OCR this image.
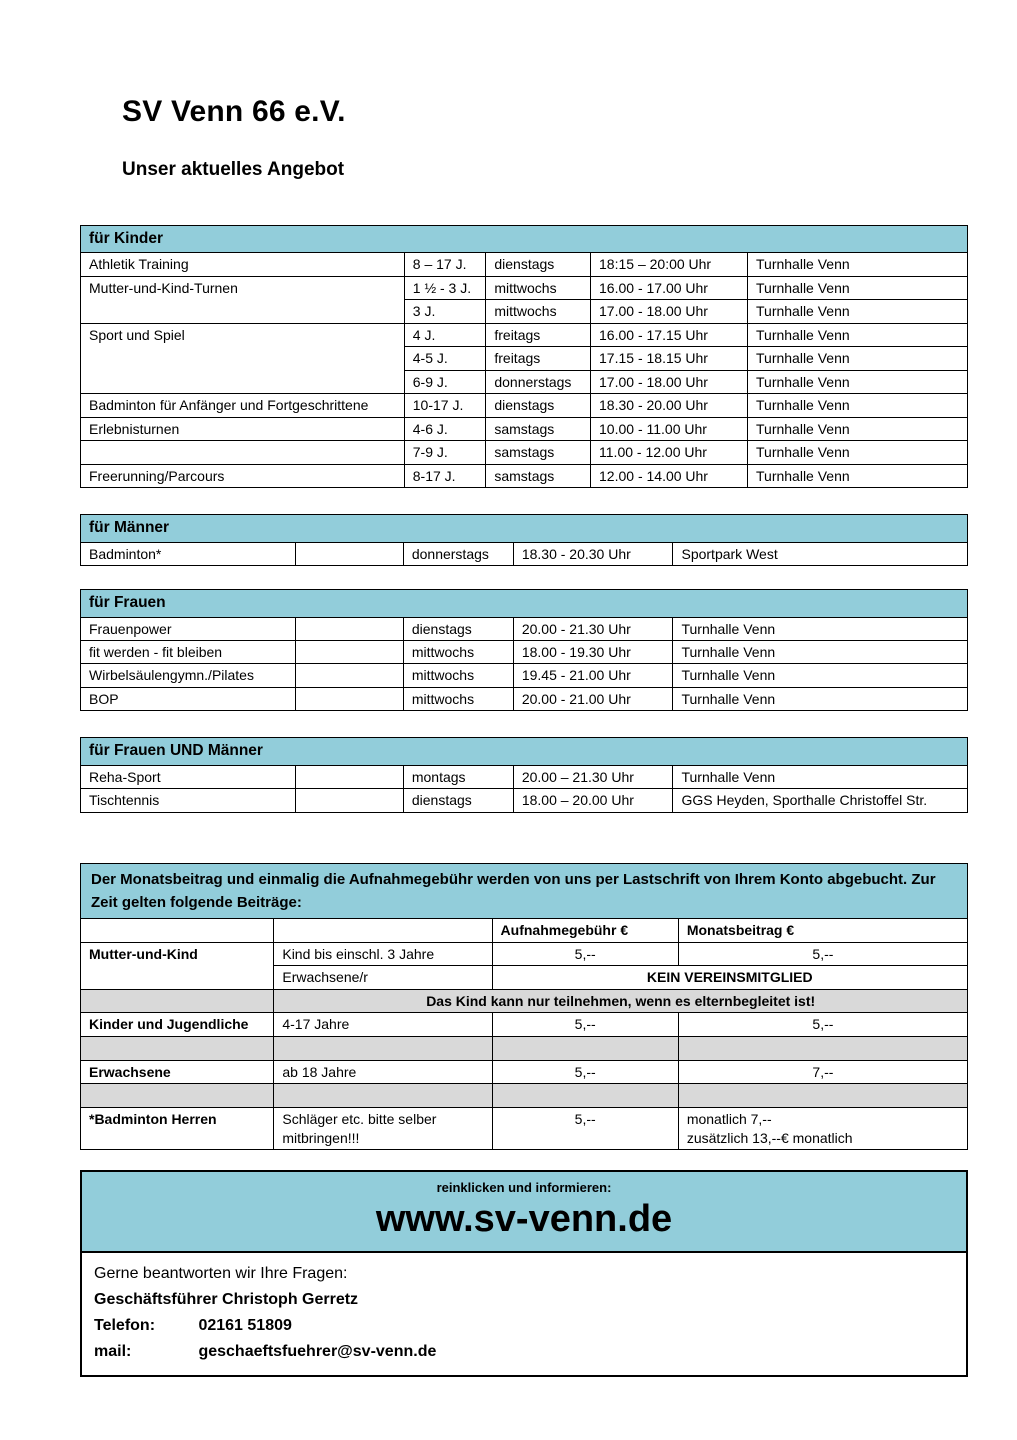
SV Venn 66 e.V.
Unser aktuelles Angebot
für Kinder				
Athletik Training	8 – 17 J.	dienstags	18:15 – 20:00 Uhr	Turnhalle Venn
Mutter-und-Kind-Turnen	1 ½ - 3 J.	mittwochs	16.00 - 17.00 Uhr	Turnhalle Venn
	3 J.	mittwochs	17.00 - 18.00 Uhr	Turnhalle Venn
Sport und Spiel	4 J.	freitags	16.00 - 17.15 Uhr	Turnhalle Venn
	4-5 J.	freitags	17.15 - 18.15 Uhr	Turnhalle Venn
	6-9 J.	donnerstags	17.00 - 18.00 Uhr	Turnhalle Venn
Badminton für Anfänger und Fortgeschrittene	10-17 J.	dienstags	18.30 - 20.00 Uhr	Turnhalle Venn
Erlebnisturnen	4-6 J.	samstags	10.00 - 11.00 Uhr	Turnhalle Venn
	7-9 J.	samstags	11.00 - 12.00 Uhr	Turnhalle Venn
Freerunning/Parcours	8-17 J.	samstags	12.00 - 14.00 Uhr	Turnhalle Venn
für Männer
Badminton*		donnerstags	18.30 - 20.30 Uhr	Sportpark West
für Frauen				
Frauenpower		dienstags	20.00 - 21.30 Uhr	Turnhalle Venn
fit werden - fit bleiben		mittwochs	18.00 - 19.30 Uhr	Turnhalle Venn
Wirbelsäulengymn./Pilates		mittwochs	19.45 - 21.00 Uhr	Turnhalle Venn
BOP		mittwochs	20.00 - 21.00 Uhr	Turnhalle Venn
für Frauen UND Männer				
Reha-Sport		montags	20.00 – 21.30 Uhr	Turnhalle Venn
Tischtennis		dienstags	18.00 – 20.00 Uhr	GGS Heyden, Sporthalle Christoffel Str.
Der Monatsbeitrag und einmalig die Aufnahmegebühr werden von uns per Lastschrift von Ihrem Konto abgebucht. Zur Zeit gelten folgende Beiträge:			
		Aufnahmegebühr €	Monatsbeitrag €
Mutter-und-Kind	Kind bis einschl. 3 Jahre	5,--	5,--
	Erwachsene/r	KEIN VEREINSMITGLIED	
	Das Kind kann nur teilnehmen, wenn es elternbegleitet ist!		
Kinder und Jugendliche	4-17 Jahre	5,--	5,--

Erwachsene	ab 18 Jahre	5,--	7,--

*Badminton Herren	Schläger etc. bitte selber mitbringen!!!	5,--	monatlich 7,--
zusätzlich 13,--€ monatlich
reinklicken und informieren:
www.sv-venn.de
Gerne beantworten wir Ihre Fragen:
Geschäftsführer Christoph Gerretz
Telefon:	02161 51809
mail:	geschaeftsfuehrer@sv-venn.de
